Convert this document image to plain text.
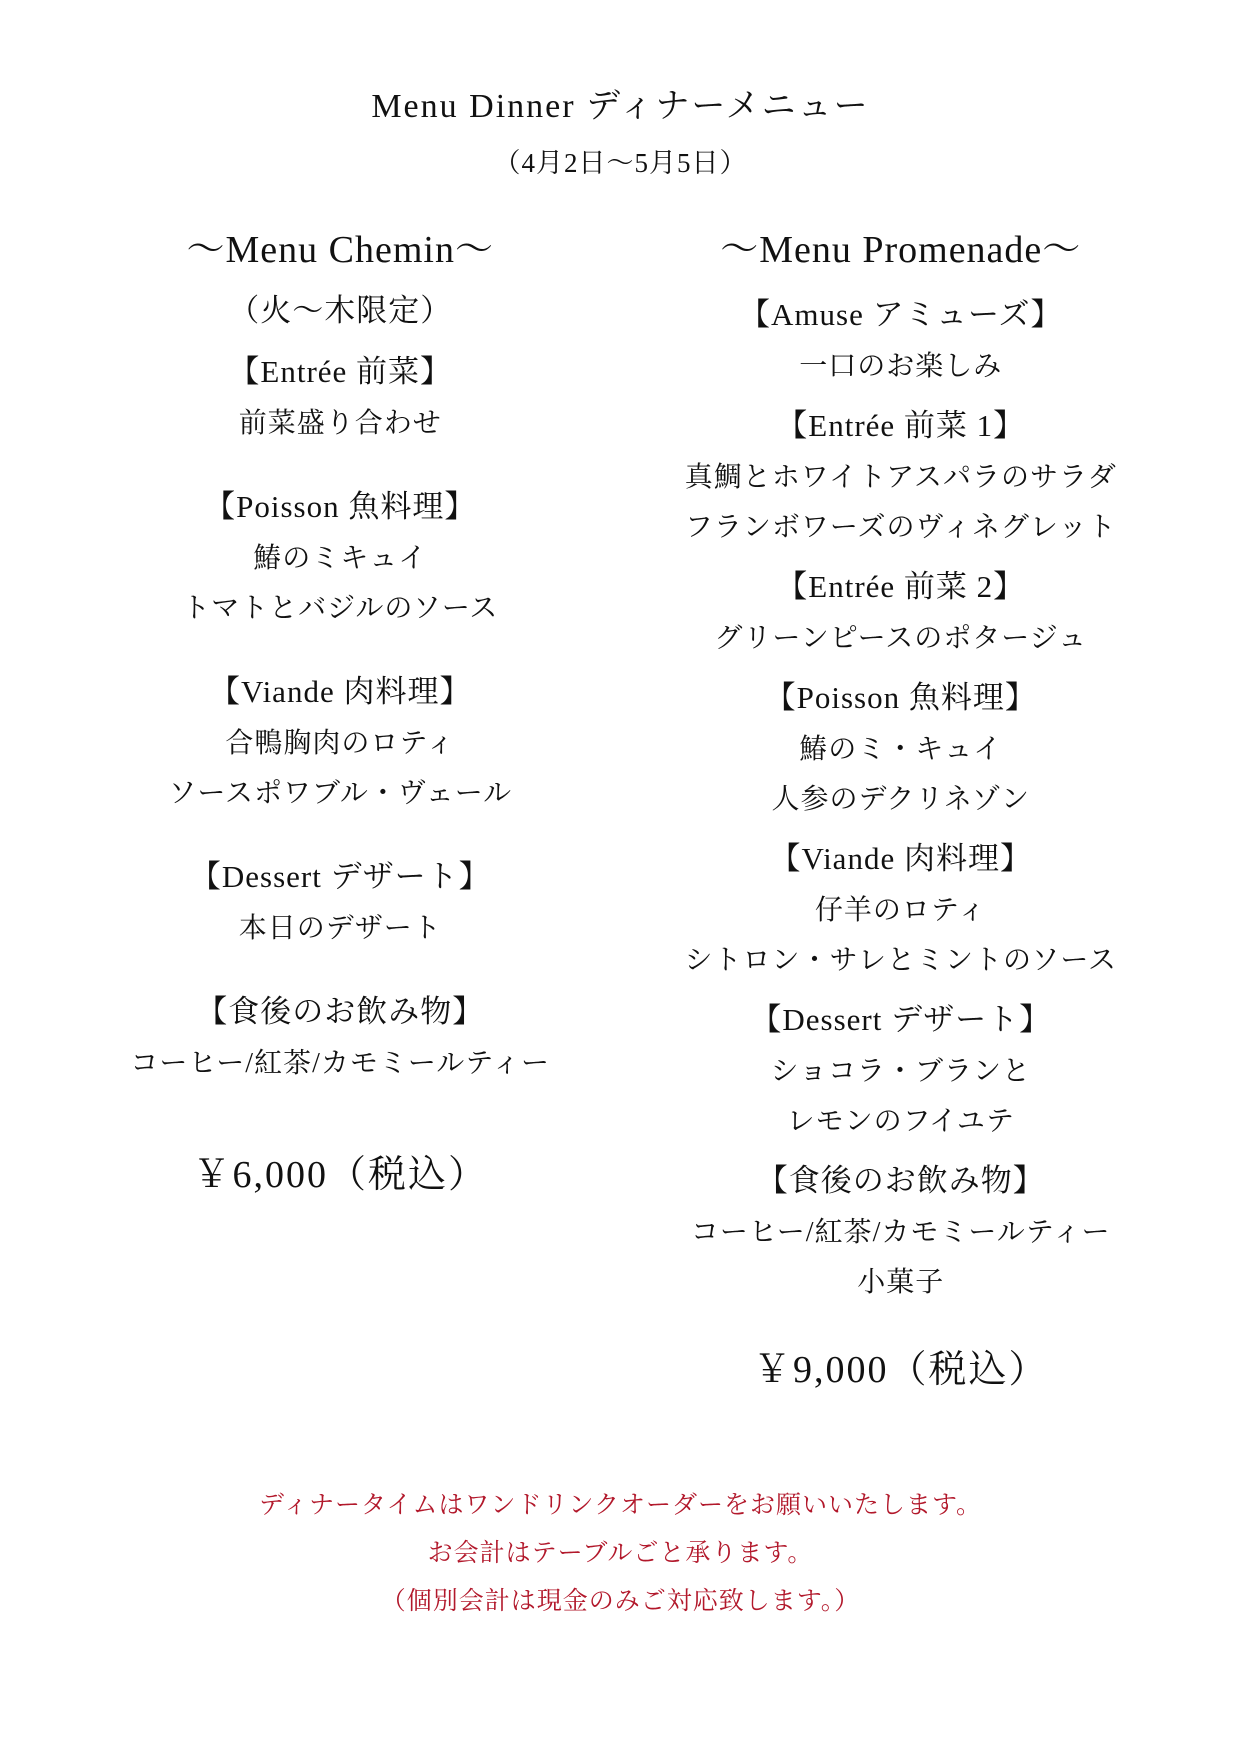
Menu Dinner ディナーメニュー

（4月2日〜5月5日）

〜Menu Chemin〜

（火〜木限定）

【Entrée 前菜】

前菜盛り合わせ

【Poisson 魚料理】

鰆のミキュイ

トマトとバジルのソース

【Viande 肉料理】

合鴨胸肉のロティ

ソースポワブル・ヴェール

【Dessert デザート】

本日のデザート

【食後のお飲み物】

コーヒー/紅茶/カモミールティー

￥6,000（税込）

〜Menu Promenade〜

【Amuse アミューズ】

一口のお楽しみ

【Entrée 前菜 1】

真鯛とホワイトアスパラのサラダ

フランボワーズのヴィネグレット

【Entrée 前菜 2】

グリーンピースのポタージュ

【Poisson 魚料理】

鰆のミ・キュイ

人参のデクリネゾン

【Viande 肉料理】

仔羊のロティ

シトロン・サレとミントのソース

【Dessert デザート】

ショコラ・ブランと

レモンのフイユテ

【食後のお飲み物】

コーヒー/紅茶/カモミールティー

小菓子

￥9,000（税込）

ディナータイムはワンドリンクオーダーをお願いいたします。

お会計はテーブルごと承ります。

（個別会計は現金のみご対応致します。）
